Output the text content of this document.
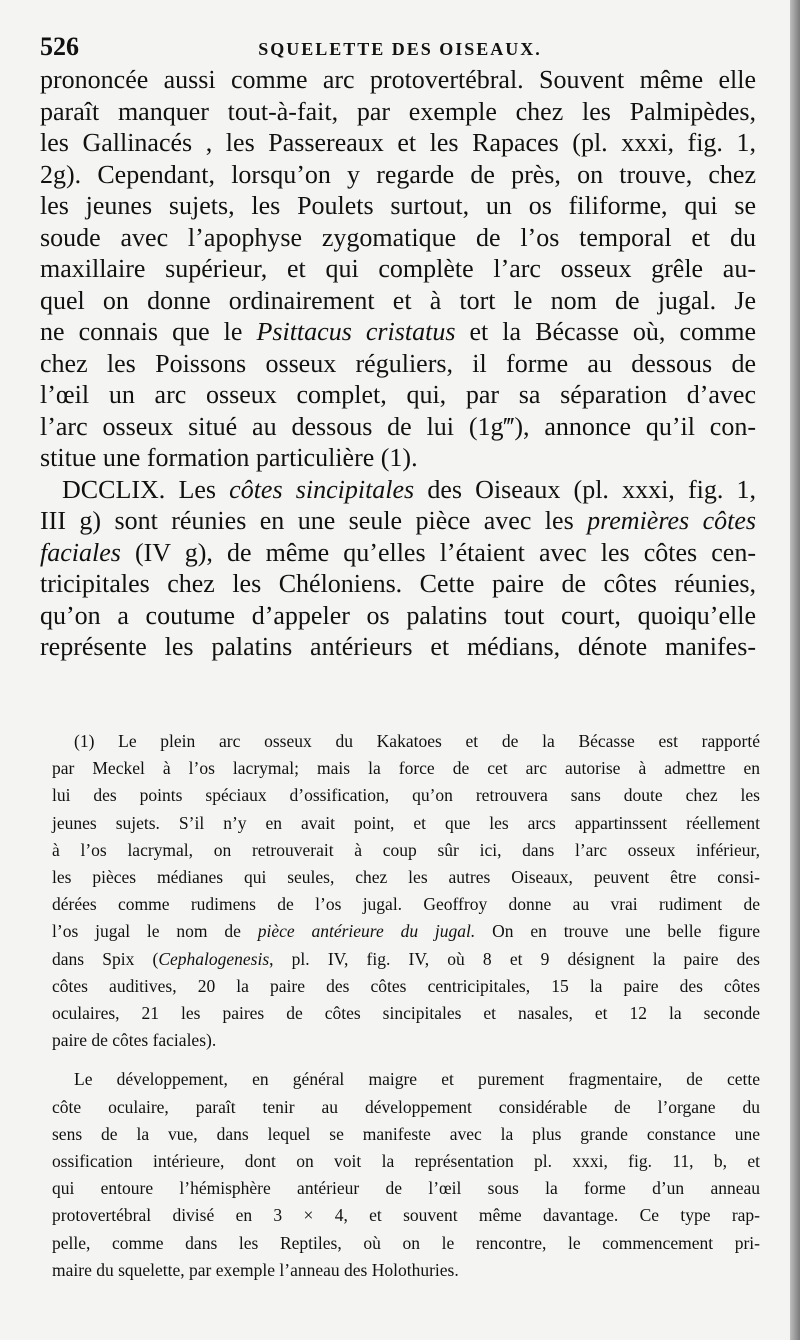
526	SQUELETTE DES OISEAUX.
prononcée aussi comme arc protovertébral. Souvent même elle
paraît manquer tout-à-fait, par exemple chez les Palmipèdes,
les Gallinacés , les Passereaux et les Rapaces (pl. xxxi, fig. 1,
2g). Cependant, lorsqu’on y regarde de près, on trouve, chez
les jeunes sujets, les Poulets surtout, un os filiforme, qui se
soude avec l’apophyse zygomatique de l’os temporal et du
maxillaire supérieur, et qui complète l’arc osseux grêle au-
quel on donne ordinairement et à tort le nom de jugal. Je
ne connais que le Psittacus cristatus et la Bécasse où, comme
chez les Poissons osseux réguliers, il forme au dessous de
l’œil un arc osseux complet, qui, par sa séparation d’avec
l’arc osseux situé au dessous de lui (1g‴), annonce qu’il con-
stitue une formation particulière (1).
DCCLIX. Les côtes sincipitales des Oiseaux (pl. xxxi, fig. 1,
III g) sont réunies en une seule pièce avec les premières côtes
faciales (IV g), de même qu’elles l’étaient avec les côtes cen-
tricipitales chez les Chéloniens. Cette paire de côtes réunies,
qu’on a coutume d’appeler os palatins tout court, quoiqu’elle
représente les palatins antérieurs et médians, dénote manifes-
(1) Le plein arc osseux du Kakatoes et de la Bécasse est rapporté
par Meckel à l’os lacrymal; mais la force de cet arc autorise à admettre en
lui des points spéciaux d’ossification, qu’on retrouvera sans doute chez les
jeunes sujets. S’il n’y en avait point, et que les arcs appartinssent réellement
à l’os lacrymal, on retrouverait à coup sûr ici, dans l’arc osseux inférieur,
les pièces médianes qui seules, chez les autres Oiseaux, peuvent être consi-
dérées comme rudimens de l’os jugal. Geoffroy donne au vrai rudiment de
l’os jugal le nom de pièce antérieure du jugal. On en trouve une belle figure
dans Spix (Cephalogenesis, pl. IV, fig. IV, où 8 et 9 désignent la paire des
côtes auditives, 20 la paire des côtes centricipitales, 15 la paire des côtes
oculaires, 21 les paires de côtes sincipitales et nasales, et 12 la seconde
paire de côtes faciales).
Le développement, en général maigre et purement fragmentaire, de cette
côte oculaire, paraît tenir au développement considérable de l’organe du
sens de la vue, dans lequel se manifeste avec la plus grande constance une
ossification intérieure, dont on voit la représentation pl. xxxi, fig. 11, b, et
qui entoure l’hémisphère antérieur de l’œil sous la forme d’un anneau
protovertébral divisé en 3 × 4, et souvent même davantage. Ce type rap-
pelle, comme dans les Reptiles, où on le rencontre, le commencement pri-
maire du squelette, par exemple l’anneau des Holothuries.
